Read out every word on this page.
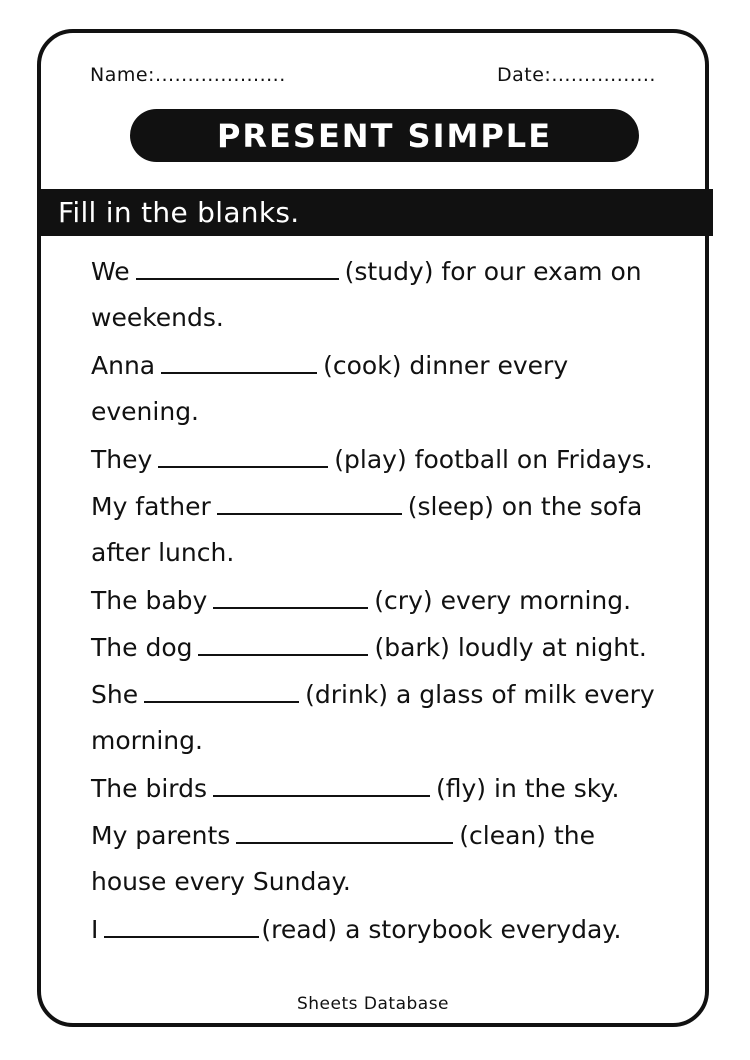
Name:....................	Date:................
PRESENT SIMPLE
Fill in the blanks.
We	(study) for our exam on
weekends.
Anna	(cook) dinner every
evening.
They	(play) football on Fridays.
My father	(sleep) on the sofa
after lunch.
The baby	(cry) every morning.
The dog	(bark) loudly at night.
She	(drink) a glass of milk every
morning.
The birds	(fly) in the sky.
My parents	(clean) the
house every Sunday.
I	(read) a storybook everyday.
Sheets Database
